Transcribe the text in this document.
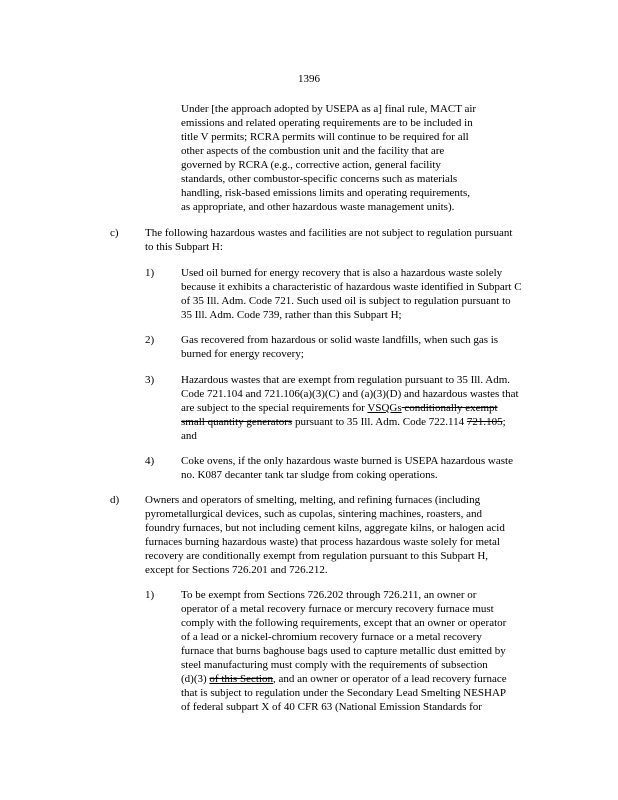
1396
Under [the approach adopted by USEPA as a] final rule, MACT air
emissions and related operating requirements are to be included in
title V permits; RCRA permits will continue to be required for all
other aspects of the combustion unit and the facility that are
governed by RCRA (e.g., corrective action, general facility
standards, other combustor-specific concerns such as materials
handling, risk-based emissions limits and operating requirements,
as appropriate, and other hazardous waste management units).
c) The following hazardous wastes and facilities are not subject to regulation pursuant
to this Subpart H:
1) Used oil burned for energy recovery that is also a hazardous waste solely
because it exhibits a characteristic of hazardous waste identified in Subpart C
of 35 Ill. Adm. Code 721. Such used oil is subject to regulation pursuant to
35 Ill. Adm. Code 739, rather than this Subpart H;
2) Gas recovered from hazardous or solid waste landfills, when such gas is
burned for energy recovery;
3) Hazardous wastes that are exempt from regulation pursuant to 35 Ill. Adm.
Code 721.104 and 721.106(a)(3)(C) and (a)(3)(D) and hazardous wastes that
are subject to the special requirements for VSQGs conditionally exempt
small quantity generators pursuant to 35 Ill. Adm. Code 722.114 721.105;
and
4) Coke ovens, if the only hazardous waste burned is USEPA hazardous waste
no. K087 decanter tank tar sludge from coking operations.
d) Owners and operators of smelting, melting, and refining furnaces (including
pyrometallurgical devices, such as cupolas, sintering machines, roasters, and
foundry furnaces, but not including cement kilns, aggregate kilns, or halogen acid
furnaces burning hazardous waste) that process hazardous waste solely for metal
recovery are conditionally exempt from regulation pursuant to this Subpart H,
except for Sections 726.201 and 726.212.
1) To be exempt from Sections 726.202 through 726.211, an owner or
operator of a metal recovery furnace or mercury recovery furnace must
comply with the following requirements, except that an owner or operator
of a lead or a nickel-chromium recovery furnace or a metal recovery
furnace that burns baghouse bags used to capture metallic dust emitted by
steel manufacturing must comply with the requirements of subsection
(d)(3) of this Section, and an owner or operator of a lead recovery furnace
that is subject to regulation under the Secondary Lead Smelting NESHAP
of federal subpart X of 40 CFR 63 (National Emission Standards for
